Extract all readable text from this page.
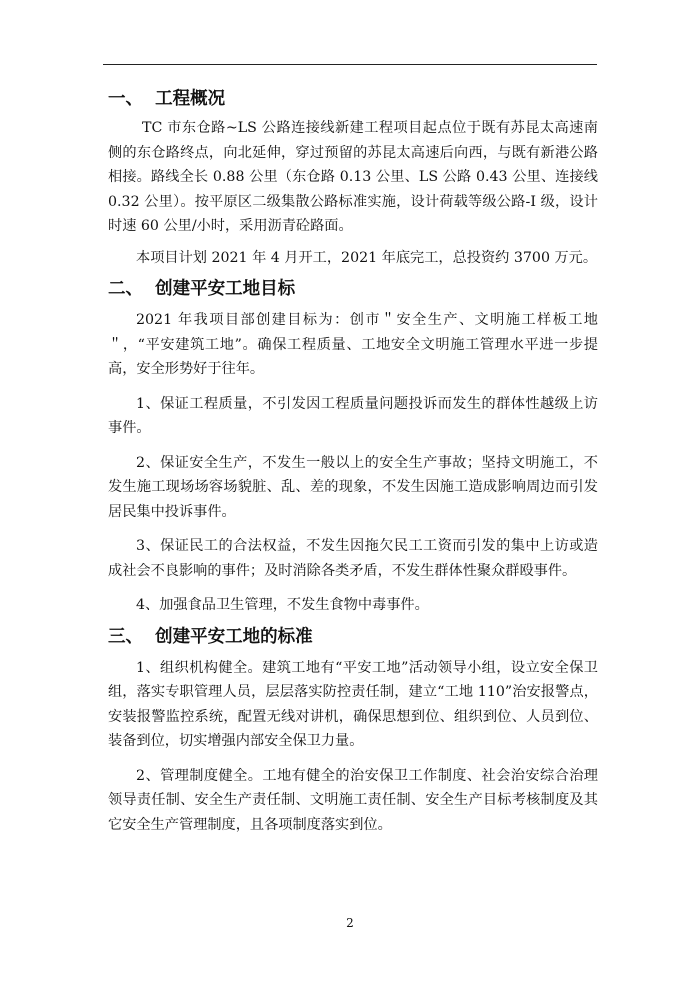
一、  工程概况

TC 市东仓路~LS 公路连接线新建工程项目起点位于既有苏昆太高速南侧的东仓路终点，向北延伸，穿过预留的苏昆太高速后向西，与既有新港公路相接。路线全长 0.88 公里（东仓路 0.13 公里、LS 公路 0.43 公里、连接线 0.32 公里）。按平原区二级集散公路标准实施，设计荷载等级公路-I 级，设计时速 60 公里/小时，采用沥青砼路面。

本项目计划 2021 年 4 月开工，2021 年底完工，总投资约 3700 万元。

二、  创建平安工地目标

2021 年我项目部创建目标为：创市＂安全生产、文明施工样板工地＂，“平安建筑工地”。确保工程质量、工地安全文明施工管理水平进一步提高，安全形势好于往年。

1、保证工程质量，不引发因工程质量问题投诉而发生的群体性越级上访事件。

2、保证安全生产，不发生一般以上的安全生产事故；坚持文明施工，不发生施工现场场容场貌脏、乱、差的现象，不发生因施工造成影响周边而引发居民集中投诉事件。

3、保证民工的合法权益，不发生因拖欠民工工资而引发的集中上访或造成社会不良影响的事件；及时消除各类矛盾，不发生群体性聚众群殴事件。

4、加强食品卫生管理，不发生食物中毒事件。

三、  创建平安工地的标准

1、组织机构健全。建筑工地有“平安工地”活动领导小组，设立安全保卫组，落实专职管理人员，层层落实防控责任制，建立“工地 110”治安报警点，安装报警监控系统，配置无线对讲机，确保思想到位、组织到位、人员到位、装备到位，切实增强内部安全保卫力量。

2、管理制度健全。工地有健全的治安保卫工作制度、社会治安综合治理领导责任制、安全生产责任制、文明施工责任制、安全生产目标考核制度及其它安全生产管理制度，且各项制度落实到位。

2
